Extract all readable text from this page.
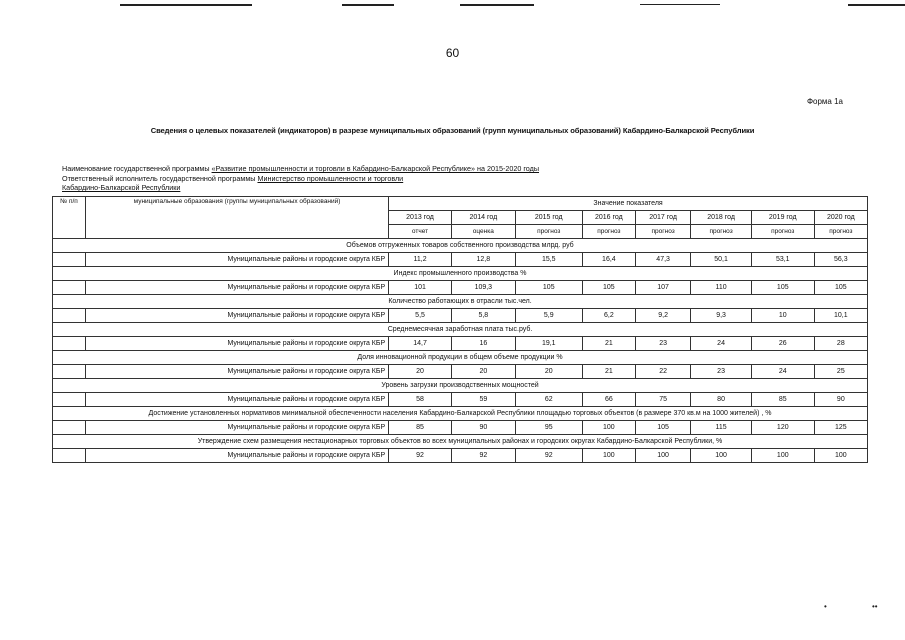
60
Форма 1а
Сведения о целевых показателей (индикаторов) в разрезе муниципальных образований (групп муниципальных образований) Кабардино-Балкарской Республики
Наименование государственной программы «Развитие промышленности и торговли в Кабардино-Балкарской Республике» на 2015-2020 годы
Ответственный исполнитель государственной программы Министерство промышленности и торговли
Кабардино-Балкарской Республики
№ п/п	муниципальные образования (группы муниципальных образований)	Значение показателя							
		2013 год	2014 год	2015 год	2016 год	2017 год	2018 год	2019 год	2020 год
		отчет	оценка	прогноз	прогноз	прогноз	прогноз	прогноз	прогноз
Объемов отгруженных товаров собственного производства млрд. руб									
	Муниципальные районы и городские округа КБР	11,2	12,8	15,5	16,4	47,3	50,1	53,1	56,3
Индекс промышленного производства %									
	Муниципальные районы и городские округа КБР	101	109,3	105	105	107	110	105	105
Количество работающих в отрасли тыс.чел.									
	Муниципальные районы и городские округа КБР	5,5	5,8	5,9	6,2	9,2	9,3	10	10,1
Среднемесячная заработная плата тыс.руб.									
	Муниципальные районы и городские округа КБР	14,7	16	19,1	21	23	24	26	28
Доля инновационной продукции в общем объеме продукции %									
	Муниципальные районы и городские округа КБР	20	20	20	21	22	23	24	25
Уровень загрузки производственных мощностей									
	Муниципальные районы и городские округа КБР	58	59	62	66	75	80	85	90
Достижение установленных нормативов минимальной обеспеченности населения Кабардино-Балкарской Республики площадью торговых объектов (в размере 370 кв.м на 1000 жителей) , %									
	Муниципальные районы и городские округа КБР	85	90	95	100	105	115	120	125
Утверждение схем размещения нестационарных торговых объектов во всех муниципальных районах и городских округах Кабардино-Балкарской Республики, %									
	Муниципальные районы и городские округа КБР	92	92	92	100	100	100	100	100
•	••
